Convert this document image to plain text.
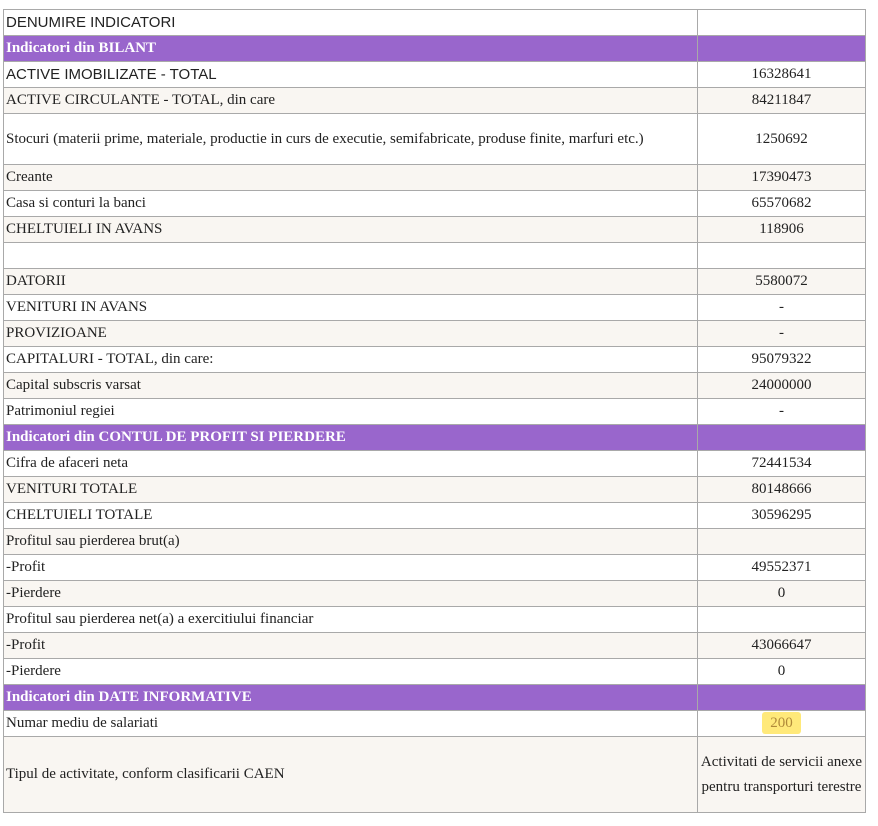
DENUMIRE INDICATORI	
Indicatori din BILANT	
ACTIVE IMOBILIZATE - TOTAL	16328641
ACTIVE CIRCULANTE - TOTAL, din care	84211847
Stocuri (materii prime, materiale, productie in curs de executie, semifabricate, produse finite, marfuri etc.)	1250692
Creante	17390473
Casa si conturi la banci	65570682
CHELTUIELI IN AVANS	118906

DATORII	5580072
VENITURI IN AVANS	-
PROVIZIOANE	-
CAPITALURI - TOTAL, din care:	95079322
Capital subscris varsat	24000000
Patrimoniul regiei	-
Indicatori din CONTUL DE PROFIT SI PIERDERE	
Cifra de afaceri neta	72441534
VENITURI TOTALE	80148666
CHELTUIELI TOTALE	30596295
Profitul sau pierderea brut(a)	
-Profit	49552371
-Pierdere	0
Profitul sau pierderea net(a) a exercitiului financiar	
-Profit	43066647
-Pierdere	0
Indicatori din DATE INFORMATIVE	
Numar mediu de salariati	200
Tipul de activitate, conform clasificarii CAEN	Activitati de servicii anexe pentru transporturi terestre
